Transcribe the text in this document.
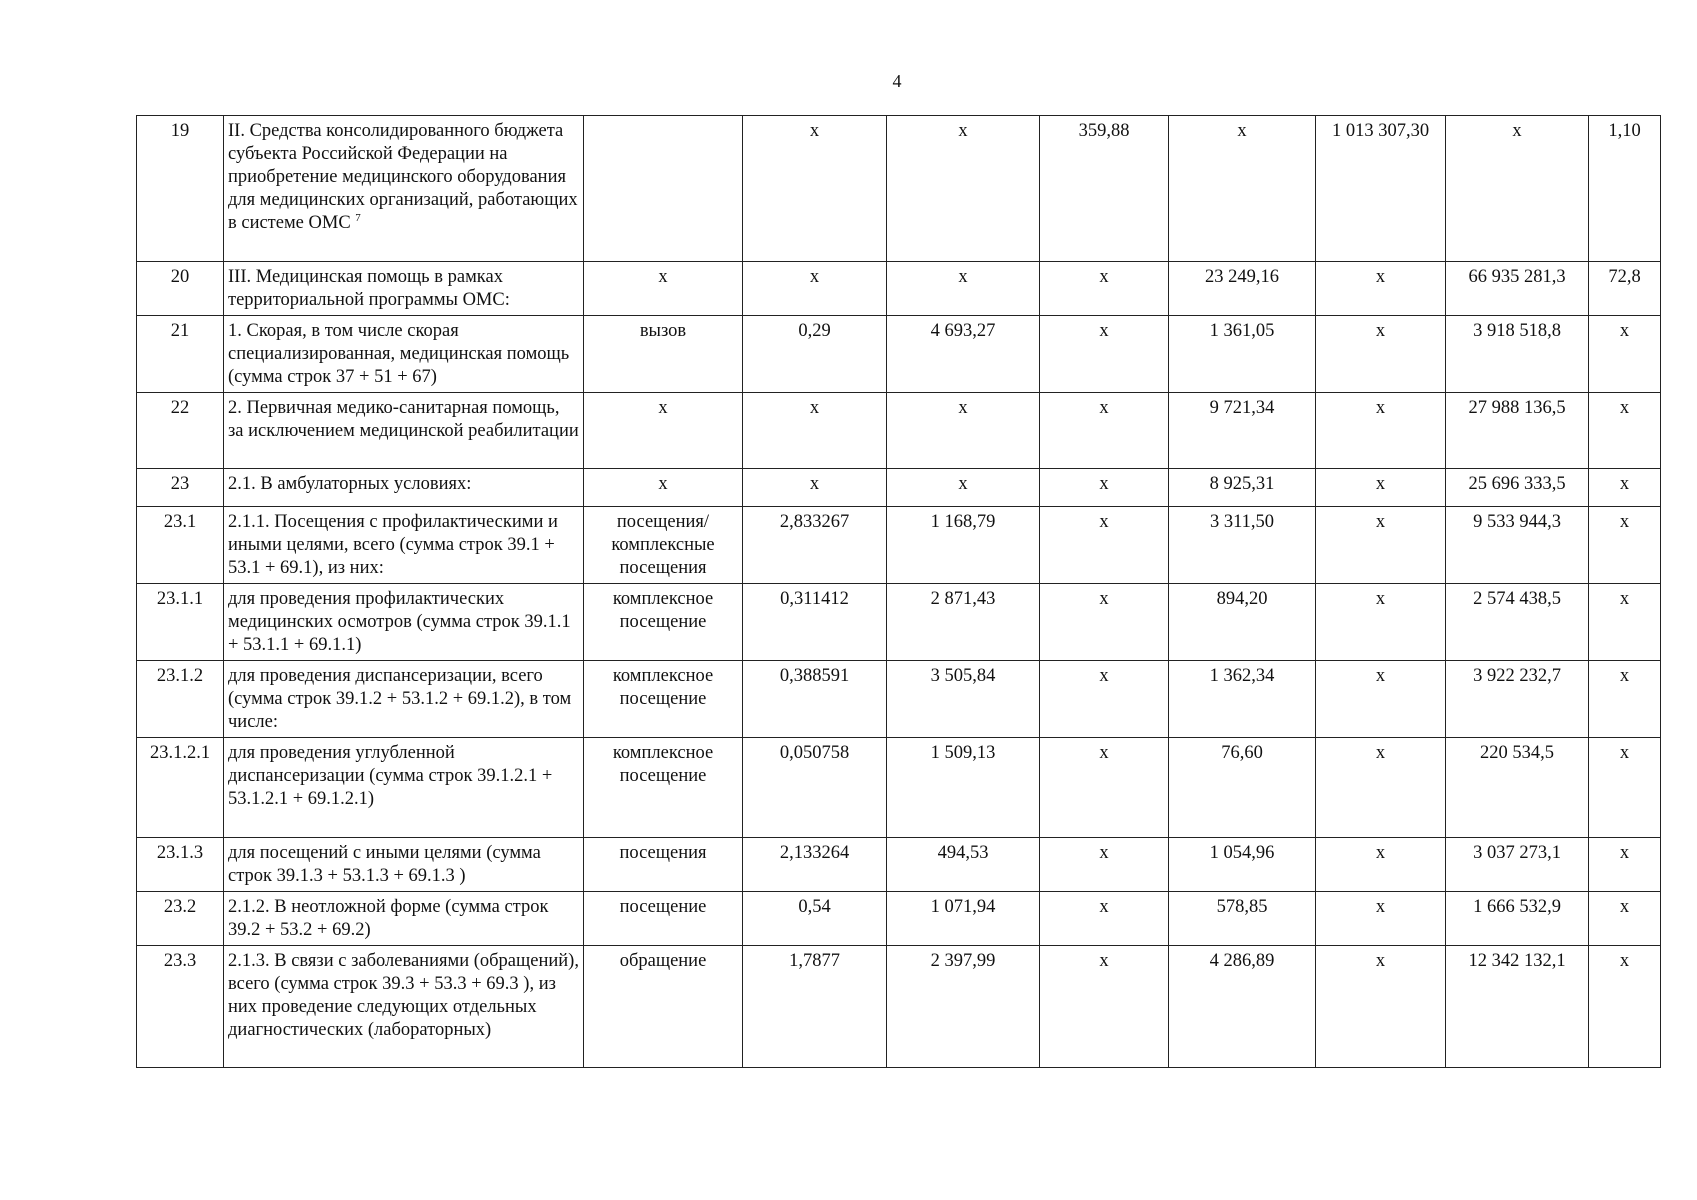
4
19	II. Средства консолидированного бюджета субъекта Российской Федерации на приобретение медицинского оборудования для медицинских организаций, работающих в системе ОМС $^7$		х	х	359,88	х	1 013 307,30	х	1,10
20	III. Медицинская помощь в рамках территориальной программы ОМС:	х	х	х	х	23 249,16	х	66 935 281,3	72,8
21	1. Скорая, в том числе скорая специализированная, медицинская помощь (сумма строк 37 + 51 + 67)	вызов	0,29	4 693,27	х	1 361,05	х	3 918 518,8	х
22	2. Первичная медико-санитарная помощь, за исключением медицинской реабилитации	х	х	х	х	9 721,34	х	27 988 136,5	х
23	2.1. В амбулаторных условиях:	х	х	х	х	8 925,31	х	25 696 333,5	х
23.1	2.1.1. Посещения с профилактическими и иными целями, всего (сумма строк 39.1 + 53.1 + 69.1), из них:	посещения/комплексные посещения	2,833267	1 168,79	х	3 311,50	х	9 533 944,3	х
23.1.1	для проведения профилактических медицинских осмотров (сумма строк 39.1.1 + 53.1.1 + 69.1.1)	комплексное посещение	0,311412	2 871,43	х	894,20	х	2 574 438,5	х
23.1.2	для проведения диспансеризации, всего (сумма строк 39.1.2 + 53.1.2 + 69.1.2), в том числе:	комплексное посещение	0,388591	3 505,84	х	1 362,34	х	3 922 232,7	х
23.1.2.1	для проведения углубленной диспансеризации (сумма строк 39.1.2.1 + 53.1.2.1 + 69.1.2.1)	комплексное посещение	0,050758	1 509,13	х	76,60	х	220 534,5	х
23.1.3	для посещений с иными целями (сумма строк 39.1.3 + 53.1.3 + 69.1.3 )	посещения	2,133264	494,53	х	1 054,96	х	3 037 273,1	х
23.2	2.1.2. В неотложной форме (сумма строк 39.2 + 53.2 + 69.2)	посещение	0,54	1 071,94	х	578,85	х	1 666 532,9	х
23.3	2.1.3. В связи с заболеваниями (обращений), всего (сумма строк 39.3 + 53.3 + 69.3 ), из них проведение следующих отдельных диагностических (лабораторных)	обращение	1,7877	2 397,99	х	4 286,89	х	12 342 132,1	х
